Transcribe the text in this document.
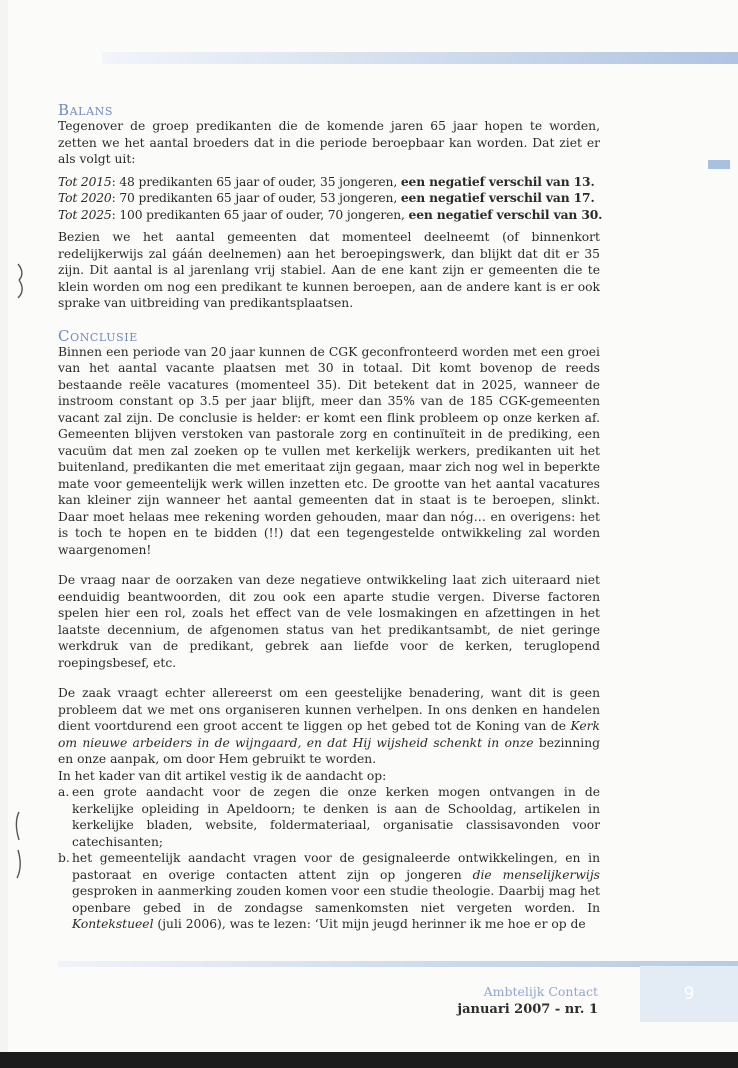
Balans

Tegenover de groep predikanten die de komende jaren 65 jaar hopen te worden, zetten we het aantal broeders dat in die periode beroepbaar kan worden. Dat ziet er als volgt uit:

Tot 2015: 48 predikanten 65 jaar of ouder, 35 jongeren, een negatief verschil van 13.
Tot 2020: 70 predikanten 65 jaar of ouder, 53 jongeren, een negatief verschil van 17.
Tot 2025: 100 predikanten 65 jaar of ouder, 70 jongeren, een negatief verschil van 30.

Bezien we het aantal gemeenten dat momenteel deelneemt (of binnenkort redelijkerwijs zal gáán deelnemen) aan het beroepingswerk, dan blijkt dat dit er 35 zijn. Dit aantal is al jarenlang vrij stabiel. Aan de ene kant zijn er gemeenten die te klein worden om nog een predikant te kunnen beroepen, aan de andere kant is er ook sprake van uitbreiding van predikantsplaatsen.

Conclusie

Binnen een periode van 20 jaar kunnen de CGK geconfronteerd worden met een groei van het aantal vacante plaatsen met 30 in totaal. Dit komt bovenop de reeds bestaande reële vacatures (momenteel 35). Dit betekent dat in 2025, wanneer de instroom constant op 3.5 per jaar blijft, meer dan 35% van de 185 CGK-gemeenten vacant zal zijn. De conclusie is helder: er komt een flink probleem op onze kerken af. Gemeenten blijven verstoken van pastorale zorg en continuïteit in de prediking, een vacuüm dat men zal zoeken op te vullen met kerkelijk werkers, predikanten uit het buitenland, predikanten die met emeritaat zijn gegaan, maar zich nog wel in beperkte mate voor gemeentelijk werk willen inzetten etc. De grootte van het aantal vacatures kan kleiner zijn wanneer het aantal gemeenten dat in staat is te beroepen, slinkt. Daar moet helaas mee rekening worden gehouden, maar dan nóg… en overigens: het is toch te hopen en te bidden (!!) dat een tegengestelde ontwikkeling zal worden waargenomen!

De vraag naar de oorzaken van deze negatieve ontwikkeling laat zich uiteraard niet eenduidig beantwoorden, dit zou ook een aparte studie vergen. Diverse factoren spelen hier een rol, zoals het effect van de vele losmakingen en afzettingen in het laatste decennium, de afgenomen status van het predikantsambt, de niet geringe werkdruk van de predikant, gebrek aan liefde voor de kerken, teruglopend roepingsbesef, etc.

De zaak vraagt echter allereerst om een geestelijke benadering, want dit is geen probleem dat we met ons organiseren kunnen verhelpen. In ons denken en handelen dient voortdurend een groot accent te liggen op het gebed tot de Koning van de Kerk om nieuwe arbeiders in de wijngaard, en dat Hij wijsheid schenkt in onze bezinning en onze aanpak, om door Hem gebruikt te worden.

In het kader van dit artikel vestig ik de aandacht op:

a. een grote aandacht voor de zegen die onze kerken mogen ontvangen in de kerkelijke opleiding in Apeldoorn; te denken is aan de Schooldag, artikelen in kerkelijke bladen, website, foldermateriaal, organisatie classisavonden voor catechisanten;
b. het gemeentelijk aandacht vragen voor de gesignaleerde ontwikkelingen, en in pastoraat en overige contacten attent zijn op jongeren die menselijkerwijs gesproken in aanmerking zouden komen voor een studie theologie. Daarbij mag het openbare gebed in de zondagse samenkomsten niet vergeten worden. In Kontekstueel (juli 2006), was te lezen: ‘Uit mijn jeugd herinner ik me hoe er op de
Ambtelijk Contact
januari 2007 - nr. 1
9
